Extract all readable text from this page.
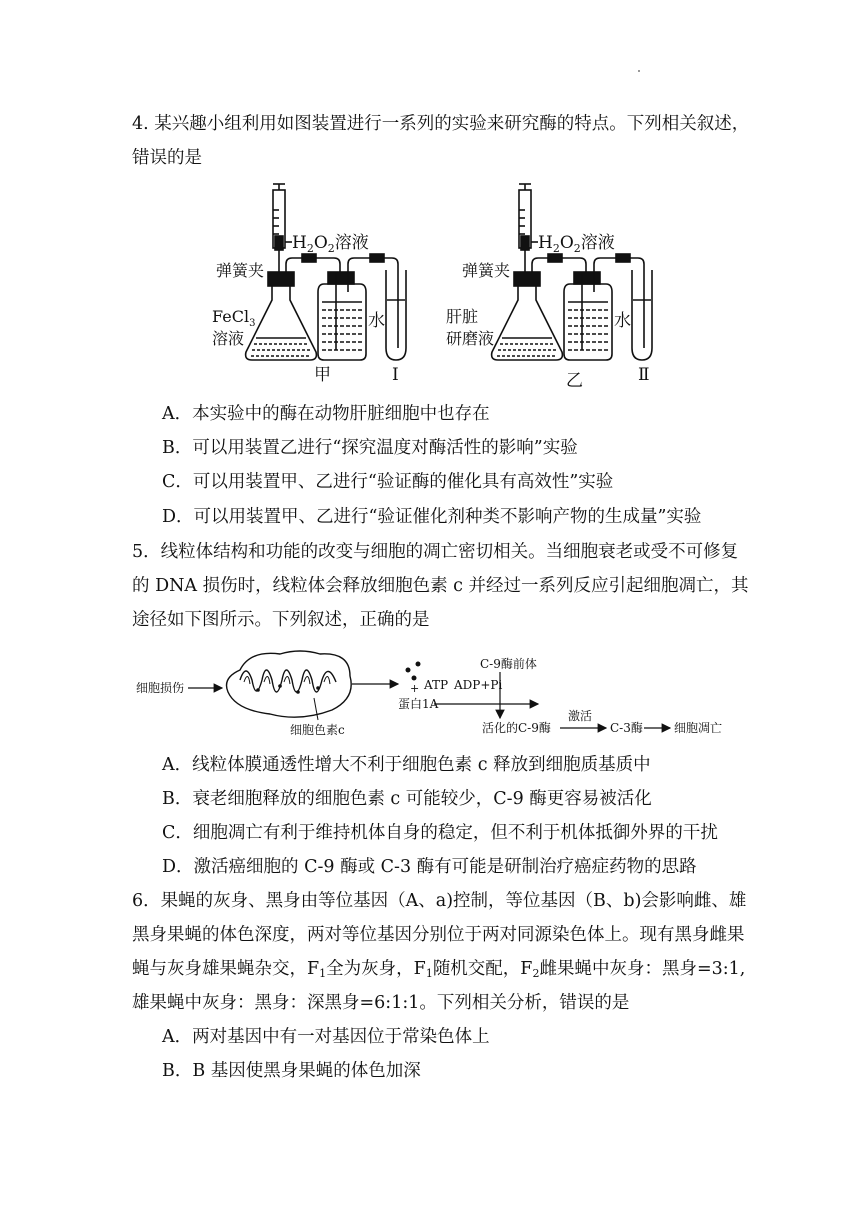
4. 某兴趣小组利用如图装置进行一系列的实验来研究酶的特点。下列相关叙述，
错误的是
$H_2O_2$溶液
弹簧夹
FeCl$_3$
溶液
水
甲	Ⅰ
$H_2O_2$溶液
弹簧夹
肝脏
研磨液
水
乙	Ⅱ
A．本实验中的酶在动物肝脏细胞中也存在
B．可以用装置乙进行“探究温度对酶活性的影响”实验
C．可以用装置甲、乙进行“验证酶的催化具有高效性”实验
D．可以用装置甲、乙进行“验证催化剂种类不影响产物的生成量”实验
5．线粒体结构和功能的改变与细胞的凋亡密切相关。当细胞衰老或受不可修复
的 DNA 损伤时，线粒体会释放细胞色素 c 并经过一系列反应引起细胞凋亡，其
途径如下图所示。下列叙述，正确的是
细胞损伤
细胞色素c
+ ATP ADP+Pi
C-9酶前体
蛋白1A
活化的C-9酶
激活
C-3酶	细胞凋亡
A．线粒体膜通透性增大不利于细胞色素 c 释放到细胞质基质中
B．衰老细胞释放的细胞色素 c 可能较少，C-9 酶更容易被活化
C．细胞凋亡有利于维持机体自身的稳定，但不利于机体抵御外界的干扰
D．激活癌细胞的 C-9 酶或 C-3 酶有可能是研制治疗癌症药物的思路
6．果蝇的灰身、黑身由等位基因（A、a)控制，等位基因（B、b)会影响雌、雄
黑身果蝇的体色深度，两对等位基因分别位于两对同源染色体上。现有黑身雌果
蝇与灰身雄果蝇杂交，$F_1$全为灰身，$F_1$随机交配，$F_2$雌果蝇中灰身：黑身=3:1,
雄果蝇中灰身：黑身：深黑身=6:1:1。下列相关分析，错误的是
A．两对基因中有一对基因位于常染色体上
B．B 基因使黑身果蝇的体色加深
